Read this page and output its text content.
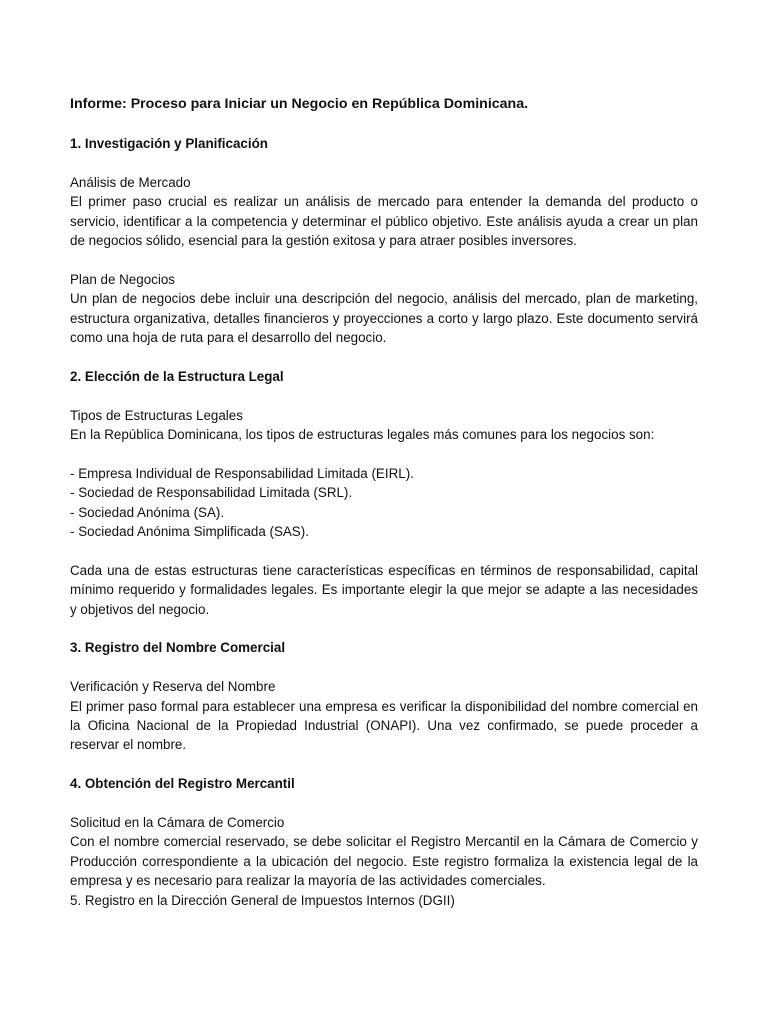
Informe: Proceso para Iniciar un Negocio en República Dominicana.
1. Investigación y Planificación
Análisis de Mercado

El primer paso crucial es realizar un análisis de mercado para entender la demanda del producto o servicio, identificar a la competencia y determinar el público objetivo. Este análisis ayuda a crear un plan de negocios sólido, esencial para la gestión exitosa y para atraer posibles inversores.

Plan de Negocios

Un plan de negocios debe incluir una descripción del negocio, análisis del mercado, plan de marketing, estructura organizativa, detalles financieros y proyecciones a corto y largo plazo. Este documento servirá como una hoja de ruta para el desarrollo del negocio.

2. Elección de la Estructura Legal
Tipos de Estructuras Legales

En la República Dominicana, los tipos de estructuras legales más comunes para los negocios son:

- Empresa Individual de Responsabilidad Limitada (EIRL).
- Sociedad de Responsabilidad Limitada (SRL).
- Sociedad Anónima (SA).
- Sociedad Anónima Simplificada (SAS).

Cada una de estas estructuras tiene características específicas en términos de responsabilidad, capital mínimo requerido y formalidades legales. Es importante elegir la que mejor se adapte a las necesidades y objetivos del negocio.

3. Registro del Nombre Comercial
Verificación y Reserva del Nombre

El primer paso formal para establecer una empresa es verificar la disponibilidad del nombre comercial en la Oficina Nacional de la Propiedad Industrial (ONAPI). Una vez confirmado, se puede proceder a reservar el nombre.

4. Obtención del Registro Mercantil
Solicitud en la Cámara de Comercio

Con el nombre comercial reservado, se debe solicitar el Registro Mercantil en la Cámara de Comercio y Producción correspondiente a la ubicación del negocio. Este registro formaliza la existencia legal de la empresa y es necesario para realizar la mayoría de las actividades comerciales.

5. Registro en la Dirección General de Impuestos Internos (DGII)
